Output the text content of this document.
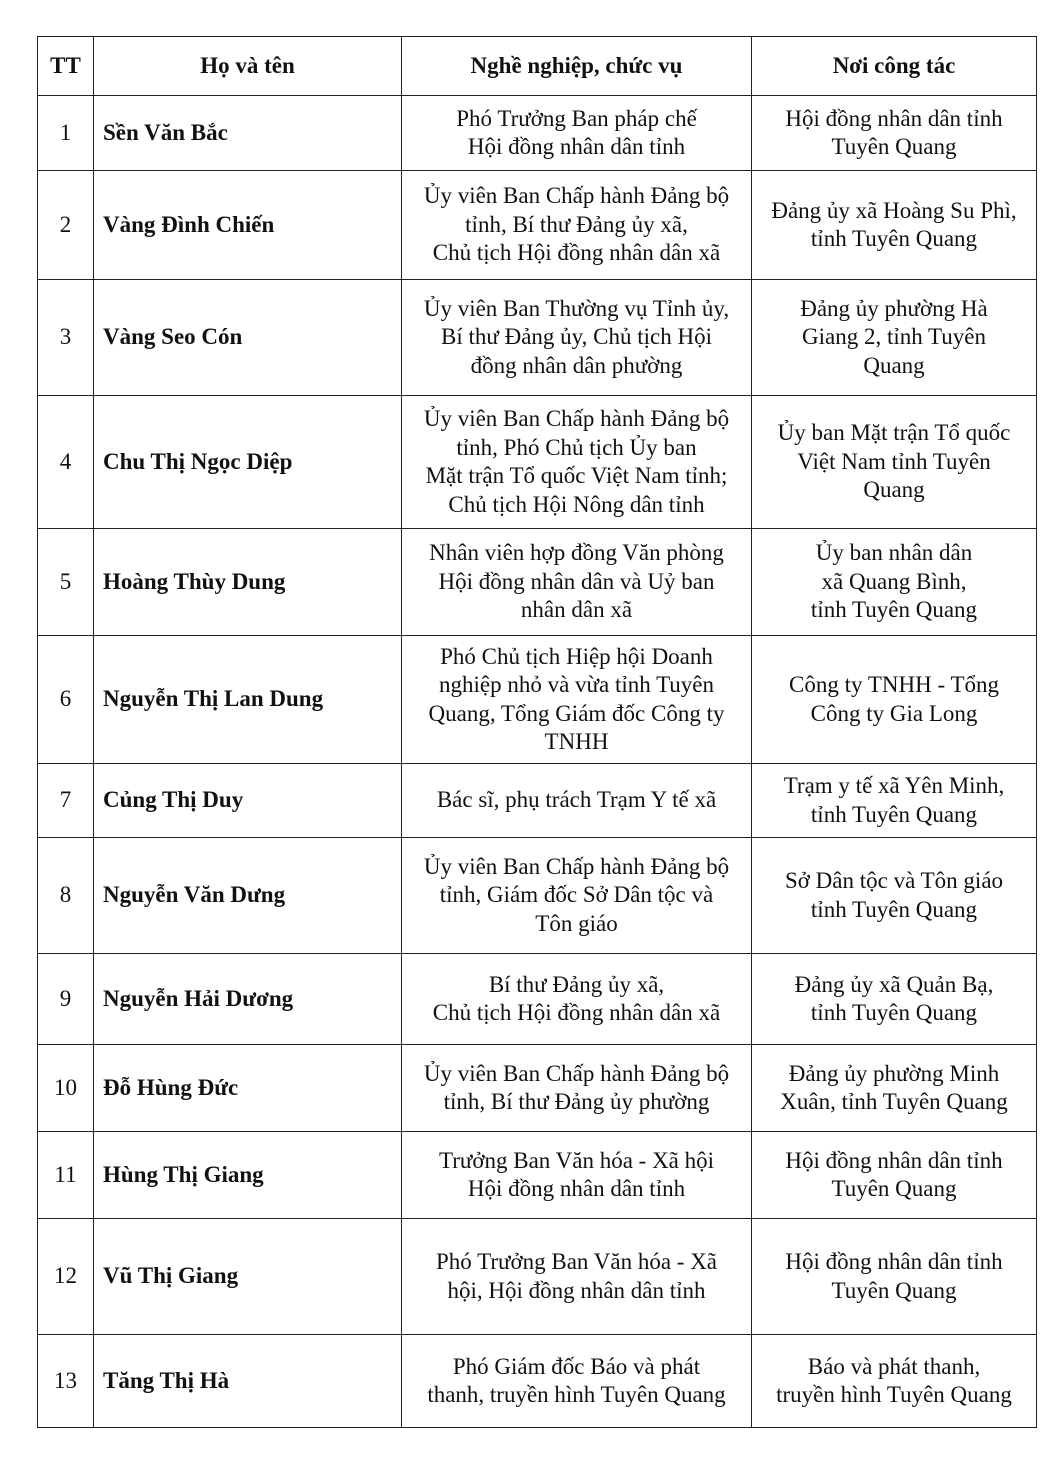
TT	Họ và tên	Nghề nghiệp, chức vụ	Nơi công tác
1	Sền Văn Bắc	Phó Trưởng Ban pháp chế
Hội đồng nhân dân tỉnh	Hội đồng nhân dân tỉnh
Tuyên Quang

2	Vàng Đình Chiến	Ủy viên Ban Chấp hành Đảng bộ
tỉnh, Bí thư Đảng ủy xã,
Chủ tịch Hội đồng nhân dân xã	Đảng ủy xã Hoàng Su Phì,
tỉnh Tuyên Quang

3	Vàng Seo Cón	Ủy viên Ban Thường vụ Tỉnh ủy,
Bí thư Đảng ủy, Chủ tịch Hội
đồng nhân dân phường	Đảng ủy phường Hà
Giang 2, tỉnh Tuyên
Quang

4	Chu Thị Ngọc Diệp	Ủy viên Ban Chấp hành Đảng bộ
tỉnh, Phó Chủ tịch Ủy ban
Mặt trận Tổ quốc Việt Nam tỉnh;
Chủ tịch Hội Nông dân tỉnh	Ủy ban Mặt trận Tổ quốc
Việt Nam tỉnh Tuyên
Quang

5	Hoàng Thùy Dung	Nhân viên hợp đồng Văn phòng
Hội đồng nhân dân và Uỷ ban
nhân dân xã	Ủy ban nhân dân
xã Quang Bình,
tỉnh Tuyên Quang

6	Nguyễn Thị Lan Dung	Phó Chủ tịch Hiệp hội Doanh
nghiệp nhỏ và vừa tỉnh Tuyên
Quang, Tổng Giám đốc Công ty
TNHH	Công ty TNHH - Tổng
Công ty Gia Long

7	Củng Thị Duy	Bác sĩ, phụ trách Trạm Y tế xã	Trạm y tế xã Yên Minh,
tỉnh Tuyên Quang

8	Nguyễn Văn Dưng	Ủy viên Ban Chấp hành Đảng bộ
tỉnh, Giám đốc Sở Dân tộc và
Tôn giáo	Sở Dân tộc và Tôn giáo
tỉnh Tuyên Quang

9	Nguyễn Hải Dương	Bí thư Đảng ủy xã,
Chủ tịch Hội đồng nhân dân xã	Đảng ủy xã Quản Bạ,
tỉnh Tuyên Quang

10	Đỗ Hùng Đức	Ủy viên Ban Chấp hành Đảng bộ
tỉnh, Bí thư Đảng ủy phường	Đảng ủy phường Minh
Xuân, tỉnh Tuyên Quang

11	Hùng Thị Giang	Trưởng Ban Văn hóa - Xã hội
Hội đồng nhân dân tỉnh	Hội đồng nhân dân tỉnh
Tuyên Quang

12	Vũ Thị Giang	Phó Trưởng Ban Văn hóa - Xã
hội, Hội đồng nhân dân tỉnh	Hội đồng nhân dân tỉnh
Tuyên Quang

13	Tăng Thị Hà	Phó Giám đốc Báo và phát
thanh, truyền hình Tuyên Quang	Báo và phát thanh,
truyền hình Tuyên Quang
